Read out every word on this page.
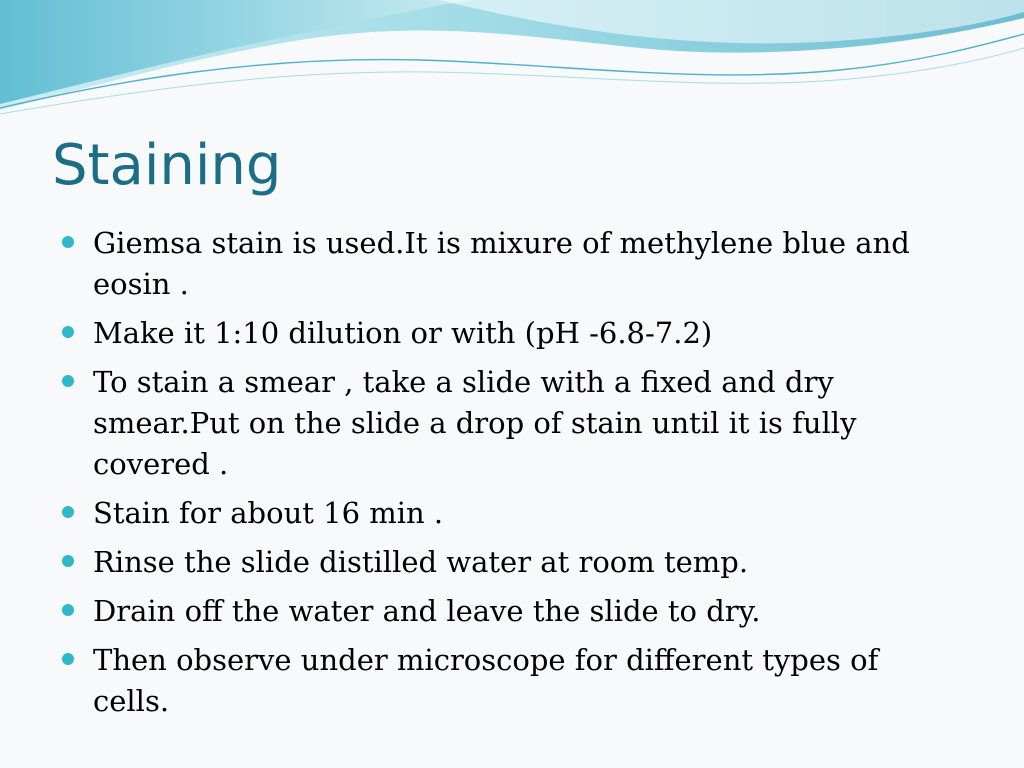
Staining
Giemsa stain is used.It is mixure of methylene blue and eosin .
Make it 1:10 dilution or with (pH -6.8-7.2)
To stain a smear , take a slide with a fixed and dry smear.Put on the slide a drop of stain until it is fully covered .
Stain for about 16 min .
Rinse the slide distilled water at room temp.
Drain off the water and leave the slide to dry.
Then observe under microscope for different types of cells.
